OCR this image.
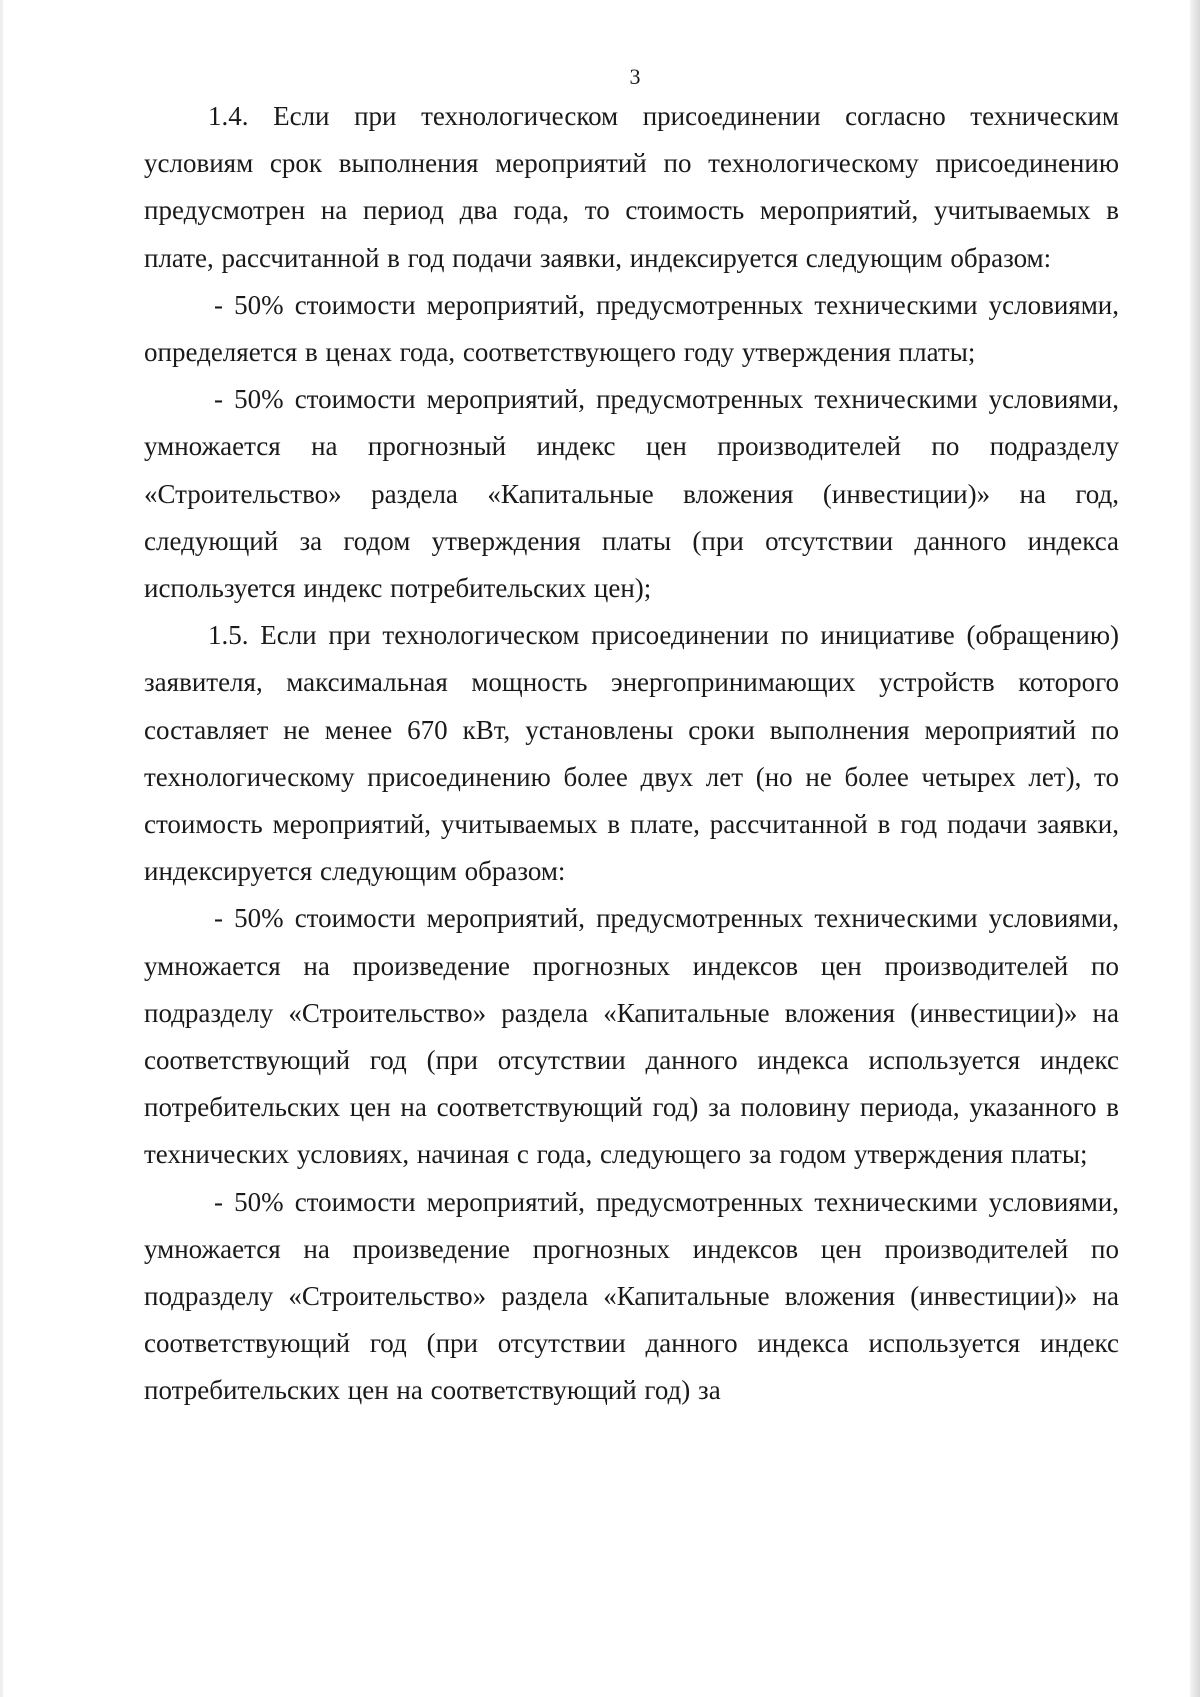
3

1.4. Если при технологическом присоединении согласно техническим условиям срок выполнения мероприятий по технологическому присоединению предусмотрен на период два года, то стоимость мероприятий, учитываемых в плате, рассчитанной в год подачи заявки, индексируется следующим образом:

- 50% стоимости мероприятий, предусмотренных техническими условиями, определяется в ценах года, соответствующего году утверждения платы;

- 50% стоимости мероприятий, предусмотренных техническими условиями, умножается на прогнозный индекс цен производителей по подразделу «Строительство» раздела «Капитальные вложения (инвестиции)» на год, следующий за годом утверждения платы (при отсутствии данного индекса используется индекс потребительских цен);

1.5. Если при технологическом присоединении по инициативе (обращению) заявителя, максимальная мощность энергопринимающих устройств которого составляет не менее 670 кВт, установлены сроки выполнения мероприятий по технологическому присоединению более двух лет (но не более четырех лет), то стоимость мероприятий, учитываемых в плате, рассчитанной в год подачи заявки, индексируется следующим образом:

- 50% стоимости мероприятий, предусмотренных техническими условиями, умножается на произведение прогнозных индексов цен производителей по подразделу «Строительство» раздела «Капитальные вложения (инвестиции)» на соответствующий год (при отсутствии данного индекса используется индекс потребительских цен на соответствующий год) за половину периода, указанного в технических условиях, начиная с года, следующего за годом утверждения платы;

- 50% стоимости мероприятий, предусмотренных техническими условиями, умножается на произведение прогнозных индексов цен производителей по подразделу «Строительство» раздела «Капитальные вложения (инвестиции)» на соответствующий год (при отсутствии данного индекса используется индекс потребительских цен на соответствующий год) за
